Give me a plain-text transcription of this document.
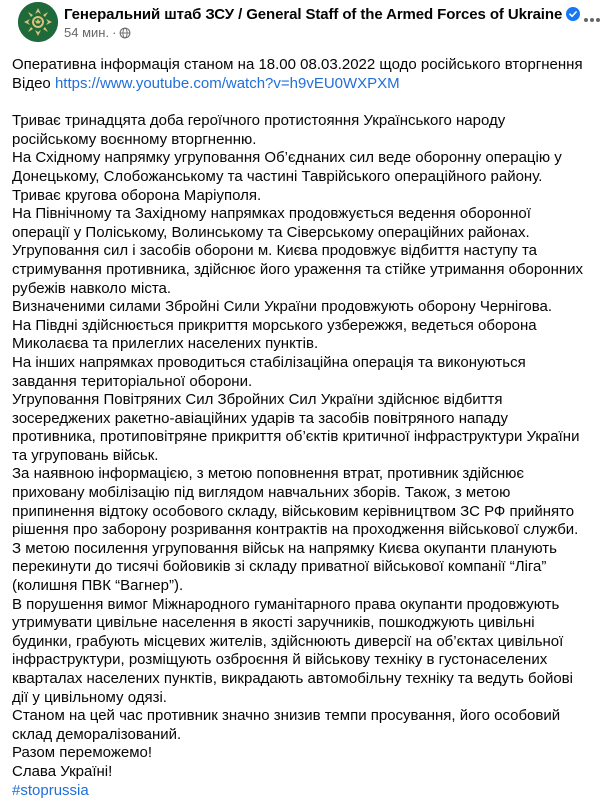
Генеральний штаб ЗСУ / General Staff of the Armed Forces of Ukraine
54 мин. ·
Оперативна інформація станом на 18.00 08.03.2022 щодо російського вторгнення
Відео https://www.youtube.com/watch?v=h9vEU0WXPXM

Триває тринадцята доба героїчного протистояння Українського народу російському воєнному вторгненню.

На Східному напрямку угруповання Об’єднаних сил веде оборонну операцію у Донецькому, Слобожанському та частині Таврійського операційного району. Триває кругова оборона Маріуполя.

На Північному та Західному напрямках продовжується ведення оборонної операції у Поліському, Волинському та Сіверському операційних районах.

Угруповання сил і засобів оборони м. Києва продовжує відбиття наступу та стримування противника, здійснює його ураження та стійке утримання оборонних рубежів навколо міста.

Визначеними силами Збройні Сили України продовжують оборону Чернігова.

На Півдні здійснюється прикриття морського узбережжя, ведеться оборона Миколаєва та прилеглих населених пунктів.

На інших напрямках проводиться стабілізаційна операція та виконуються завдання територіальної оборони.

Угруповання Повітряних Сил Збройних Сил України здійснює відбиття зосереджених ракетно-авіаційних ударів та засобів повітряного нападу противника, протиповітряне прикриття об’єктів критичної інфраструктури України та угруповань військ.

За наявною інформацією, з метою поповнення втрат, противник здійснює приховану мобілізацію під виглядом навчальних зборів. Також, з метою припинення відтоку особового складу, військовим керівництвом ЗС РФ прийнято рішення про заборону розривання контрактів на проходження військової служби.

З метою посилення угруповання військ на напрямку Києва окупанти планують перекинути до тисячі бойовиків зі складу приватної військової компанії “Ліга” (колишня ПВК “Вагнер”).

В порушення вимог Міжнародного гуманітарного права окупанти продовжують утримувати цивільне населення в якості заручників, пошкоджують цивільні будинки, грабують місцевих жителів, здійснюють диверсії на об’єктах цивільної інфраструктури, розміщують озброєння й військову техніку в густонаселених кварталах населених пунктів, викрадають автомобільну техніку та ведуть бойові дії у цивільному одязі.

Станом на цей час противник значно знизив темпи просування, його особовий склад деморалізований.

Разом переможемо!

Слава Україні!

#stoprussia
